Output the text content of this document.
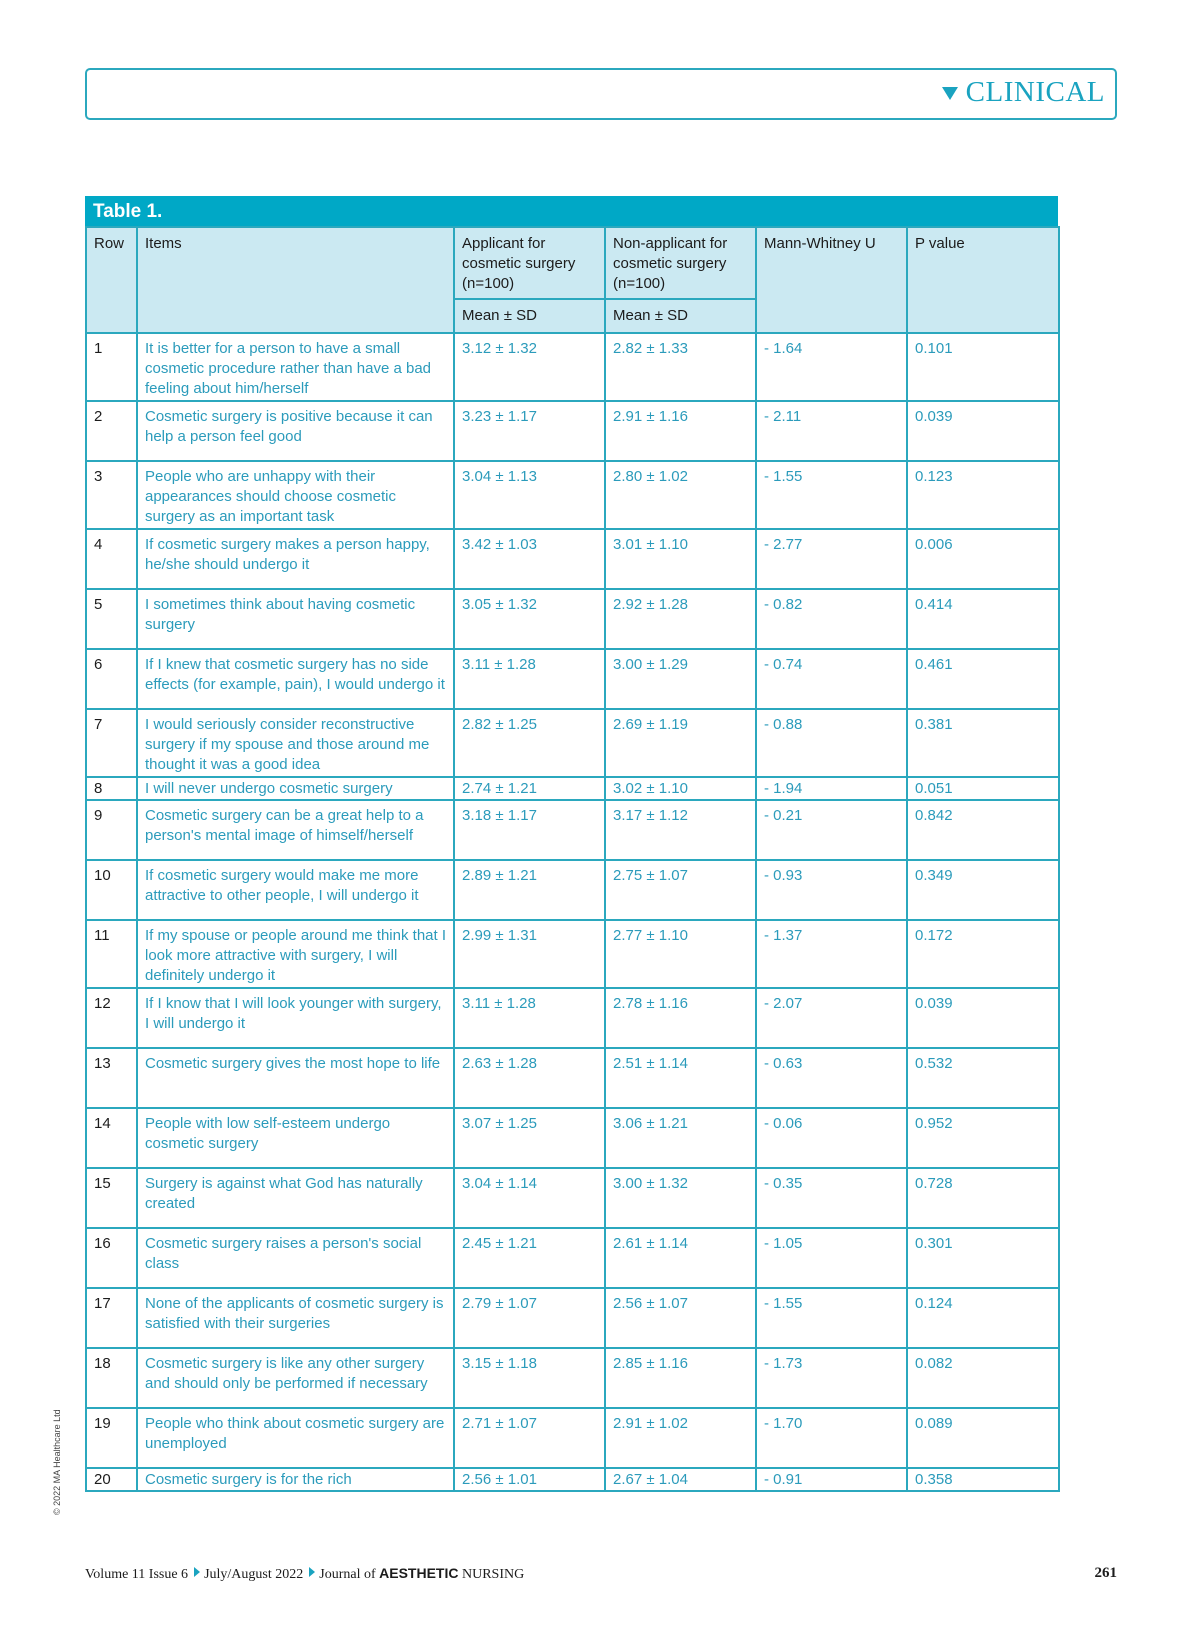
CLINICAL
Table 1.
Row	Items	Applicant for cosmetic surgery (n=100)	Non-applicant for cosmetic surgery (n=100)	Mann-Whitney U	P value
		Mean ± SD	Mean ± SD		
1	It is better for a person to have a small cosmetic procedure rather than have a bad feeling about him/herself	3.12 ± 1.32	2.82 ± 1.33	- 1.64	0.101
2	Cosmetic surgery is positive because it can help a person feel good	3.23 ± 1.17	2.91 ± 1.16	- 2.11	0.039
3	People who are unhappy with their appearances should choose cosmetic surgery as an important task	3.04 ± 1.13	2.80 ± 1.02	- 1.55	0.123
4	If cosmetic surgery makes a person happy, he/she should undergo it	3.42 ± 1.03	3.01 ± 1.10	- 2.77	0.006
5	I sometimes think about having cosmetic surgery	3.05 ± 1.32	2.92 ± 1.28	- 0.82	0.414
6	If I knew that cosmetic surgery has no side effects (for example, pain), I would undergo it	3.11 ± 1.28	3.00 ± 1.29	- 0.74	0.461
7	I would seriously consider reconstructive surgery if my spouse and those around me thought it was a good idea	2.82 ± 1.25	2.69 ± 1.19	- 0.88	0.381
8	I will never undergo cosmetic surgery	2.74 ± 1.21	3.02 ± 1.10	- 1.94	0.051
9	Cosmetic surgery can be a great help to a person's mental image of himself/herself	3.18 ± 1.17	3.17 ± 1.12	- 0.21	0.842
10	If cosmetic surgery would make me more attractive to other people, I will undergo it	2.89 ± 1.21	2.75 ± 1.07	- 0.93	0.349
11	If my spouse or people around me think that I look more attractive with surgery, I will definitely undergo it	2.99 ± 1.31	2.77 ± 1.10	- 1.37	0.172
12	If I know that I will look younger with surgery, I will undergo it	3.11 ± 1.28	2.78 ± 1.16	- 2.07	0.039
13	Cosmetic surgery gives the most hope to life	2.63 ± 1.28	2.51 ± 1.14	- 0.63	0.532
14	People with low self-esteem undergo cosmetic surgery	3.07 ± 1.25	3.06 ± 1.21	- 0.06	0.952
15	Surgery is against what God has naturally created	3.04 ± 1.14	3.00 ± 1.32	- 0.35	0.728
16	Cosmetic surgery raises a person's social class	2.45 ± 1.21	2.61 ± 1.14	- 1.05	0.301
17	None of the applicants of cosmetic surgery is satisfied with their surgeries	2.79 ± 1.07	2.56 ± 1.07	- 1.55	0.124
18	Cosmetic surgery is like any other surgery and should only be performed if necessary	3.15 ± 1.18	2.85 ± 1.16	- 1.73	0.082
19	People who think about cosmetic surgery are unemployed	2.71 ± 1.07	2.91 ± 1.02	- 1.70	0.089
20	Cosmetic surgery is for the rich	2.56 ± 1.01	2.67 ± 1.04	- 0.91	0.358
© 2022 MA Healthcare Ltd
Volume 11 Issue 6 July/August 2022 Journal of AESTHETIC NURSING	261
